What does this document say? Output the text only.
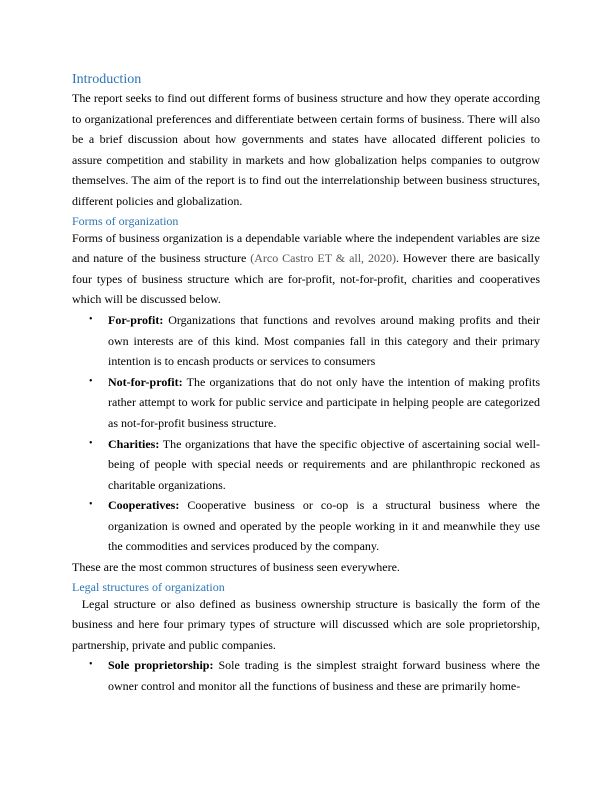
Introduction

The report seeks to find out different forms of business structure and how they operate according to organizational preferences and differentiate between certain forms of business. There will also be a brief discussion about how governments and states have allocated different policies to assure competition and stability in markets and how globalization helps companies to outgrow themselves. The aim of the report is to find out the interrelationship between business structures, different policies and globalization.

Forms of organization

Forms of business organization is a dependable variable where the independent variables are size and nature of the business structure (Arco Castro ET & all, 2020). However there are basically four types of business structure which are for-profit, not-for-profit, charities and cooperatives which will be discussed below.

• For-profit: Organizations that functions and revolves around making profits and their own interests are of this kind. Most companies fall in this category and their primary intention is to encash products or services to consumers
• Not-for-profit: The organizations that do not only have the intention of making profits rather attempt to work for public service and participate in helping people are categorized as not-for-profit business structure.
• Charities: The organizations that have the specific objective of ascertaining social well-being of people with special needs or requirements and are philanthropic reckoned as charitable organizations.
• Cooperatives: Cooperative business or co-op is a structural business where the organization is owned and operated by the people working in it and meanwhile they use the commodities and services produced by the company.

These are the most common structures of business seen everywhere.

Legal structures of organization

Legal structure or also defined as business ownership structure is basically the form of the business and here four primary types of structure will discussed which are sole proprietorship, partnership, private and public companies.

• Sole proprietorship: Sole trading is the simplest straight forward business where the owner control and monitor all the functions of business and these are primarily home-
